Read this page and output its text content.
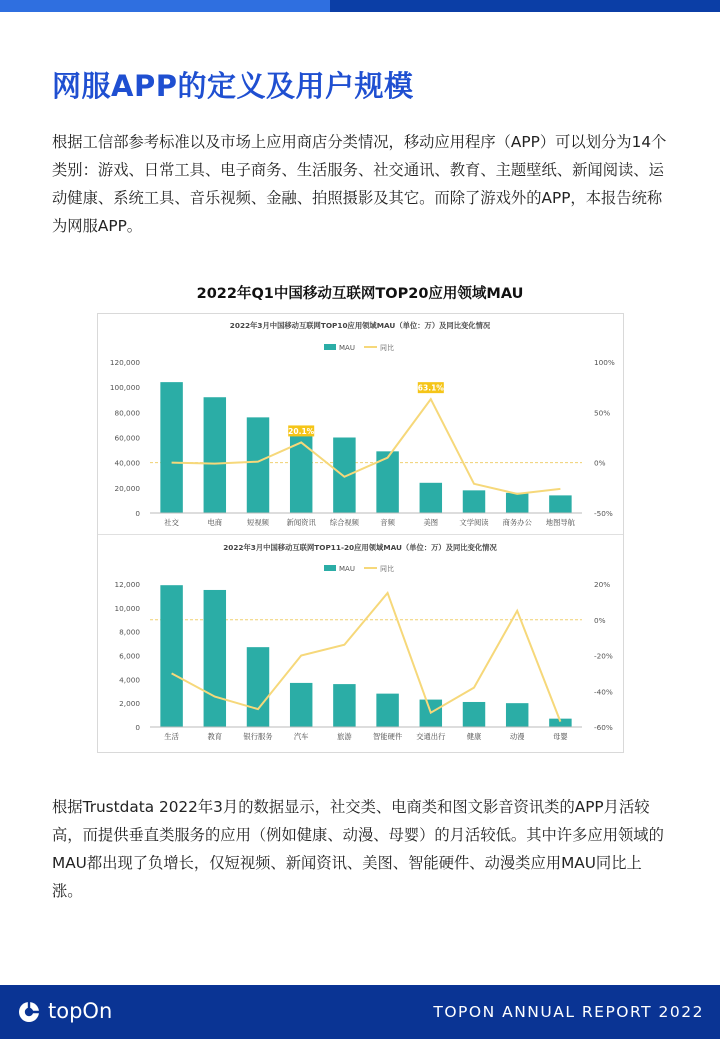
网服APP的定义及用户规模
根据工信部参考标准以及市场上应用商店分类情况，移动应用程序（APP）可以划分为14个类别：游戏、日常工具、电子商务、生活服务、社交通讯、教育、主题壁纸、新闻阅读、运动健康、系统工具、音乐视频、金融、拍照摄影及其它。而除了游戏外的APP，本报告统称为网服APP。
2022年Q1中国移动互联网TOP20应用领域MAU
2022年3月中国移动互联网TOP10应用领域MAU（单位：万）及同比变化情况
MAU	同比
0
20,000
40,000
60,000
80,000
100,000
120,000
-50%
0%
50%
100%
社交	电商	短视频 新闻资讯 综合视频	音频	美图	文学阅读 商务办公 地图导航
20.1%
63.1%
2022年3月中国移动互联网TOP11-20应用领域MAU（单位：万）及同比变化情况
MAU	同比
0
2,000
4,000
6,000
8,000
10,000
12,000
-60%
-40%
-20%
0%
20%
生活	教育	银行服务	汽车	旅游	智能硬件 交通出行	健康	动漫	母婴
根据Trustdata 2022年3月的数据显示，社交类、电商类和图文影音资讯类的APP月活较高，而提供垂直类服务的应用（例如健康、动漫、母婴）的月活较低。其中许多应用领域的MAU都出现了负增长，仅短视频、新闻资讯、美图、智能硬件、动漫类应用MAU同比上涨。
topOn	TOPON ANNUAL REPORT 2022
